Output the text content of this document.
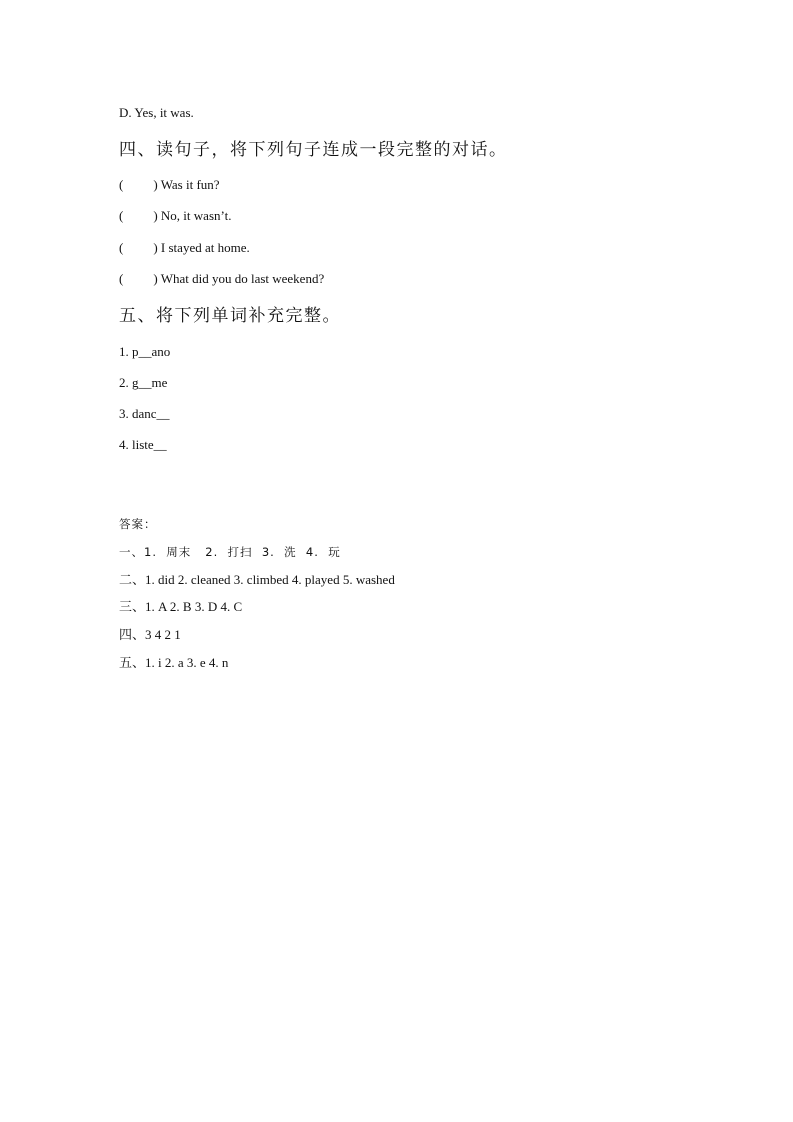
D. Yes, it was.
四、读句子，将下列句子连成一段完整的对话。
( ) Was it fun?
( ) No, it wasn’t.
( ) I stayed at home.
( ) What did you do last weekend?
五、将下列单词补充完整。
1. p__ano
2. g__me
3. danc__
4. liste__
答案：
一、1.  周末   2.  打扫  3.  洗  4.  玩
二、1. did 2. cleaned 3. climbed 4. played 5. washed
三、1. A 2. B 3. D 4. C
四、3 4 2 1
五、1. i 2. a 3. e 4. n
